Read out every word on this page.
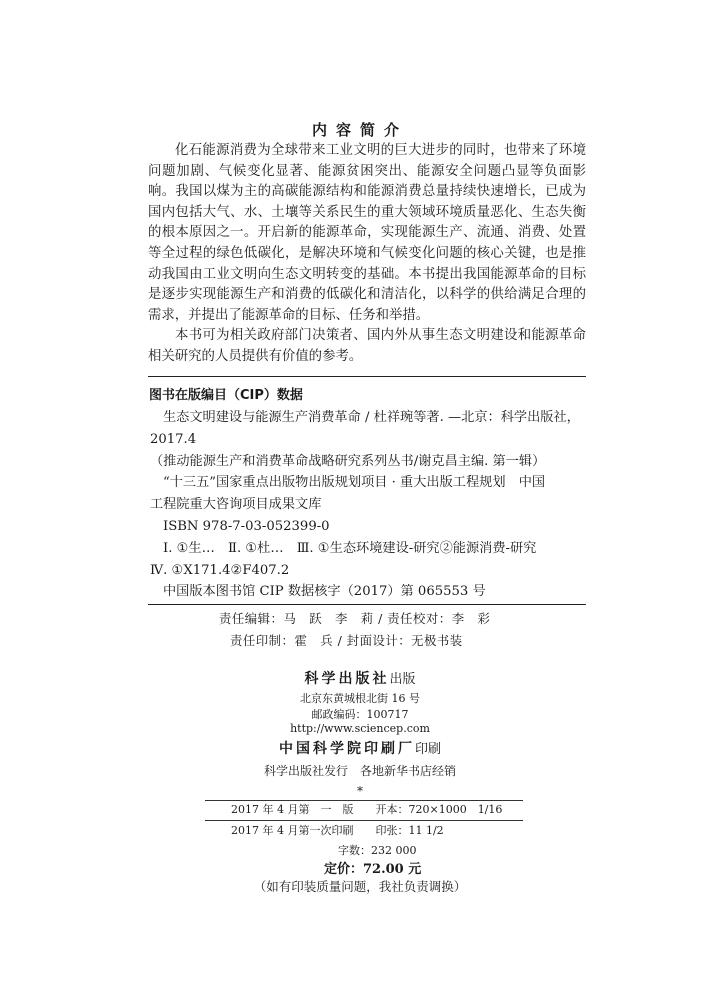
内容简介

化石能源消费为全球带来工业文明的巨大进步的同时，也带来了环境问题加剧、气候变化显著、能源贫困突出、能源安全问题凸显等负面影响。我国以煤为主的高碳能源结构和能源消费总量持续快速增长，已成为国内包括大气、水、土壤等关系民生的重大领域环境质量恶化、生态失衡的根本原因之一。开启新的能源革命，实现能源生产、流通、消费、处置等全过程的绿色低碳化，是解决环境和气候变化问题的核心关键，也是推动我国由工业文明向生态文明转变的基础。本书提出我国能源革命的目标是逐步实现能源生产和消费的低碳化和清洁化，以科学的供给满足合理的需求，并提出了能源革命的目标、任务和举措。

本书可为相关政府部门决策者、国内外从事生态文明建设和能源革命相关研究的人员提供有价值的参考。

图书在版编目（CIP）数据
生态文明建设与能源生产消费革命 / 杜祥琬等著. —北京：科学出版社，
2017.4
（推动能源生产和消费革命战略研究系列丛书/谢克昌主编. 第一辑）
“十三五”国家重点出版物出版规划项目 · 重大出版工程规划　中国
工程院重大咨询项目成果文库
ISBN 978-7-03-052399-0
Ⅰ. ①生…　Ⅱ. ①杜…　Ⅲ. ①生态环境建设-研究②能源消费-研究
Ⅳ. ①X171.4②F407.2
中国版本图书馆 CIP 数据核字（2017）第 065553 号
责任编辑：马　跃　李　莉 / 责任校对：李　彩
责任印制：霍　兵 / 封面设计：无极书装
科学出版社出版
北京东黄城根北街 16 号
邮政编码：100717
http://www.sciencep.com
中国科学院印刷厂印刷
科学出版社发行　各地新华书店经销
*
2017 年 4 月第　一　版　　开本：720×1000　1/16
2017 年 4 月第一次印刷　　印张：11 1/2
字数：232 000
定价：72.00 元
（如有印装质量问题，我社负责调换）
